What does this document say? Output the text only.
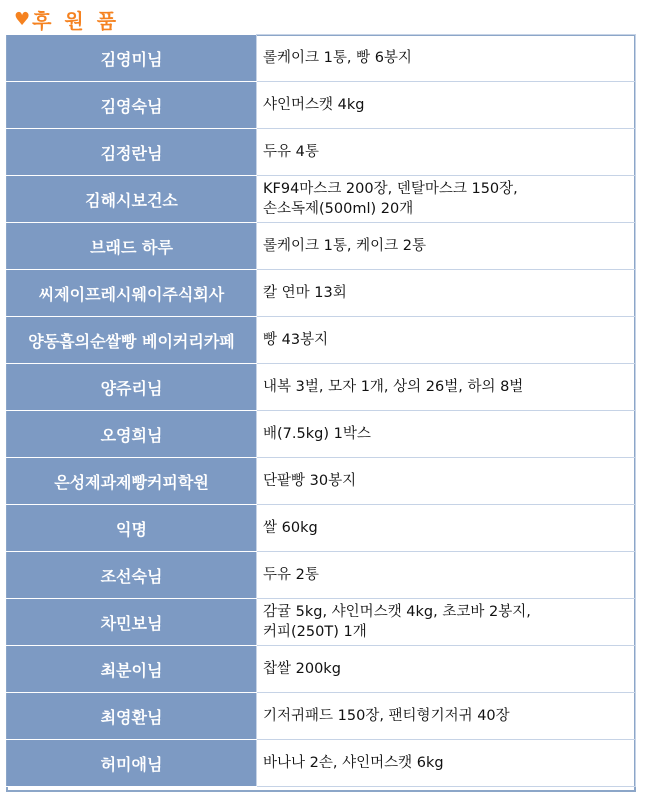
♥ 후 원 품
김영미님	롤케이크 1통, 빵 6봉지

김영숙님	샤인머스캣 4kg

김정란님	두유 4통

김해시보건소	KF94마스크 200장, 덴탈마스크 150장,
손소독제(500ml) 20개

브래드 하루	롤케이크 1통, 케이크 2통

씨제이프레시웨이주식회사	칼 연마 13회

양동흡의순쌀빵 베이커리카페	빵 43봉지

양쥬리님	내복 3벌, 모자 1개, 상의 26벌, 하의 8벌

오영희님	배(7.5kg) 1박스

은성제과제빵커피학원	단팥빵 30봉지

익명	쌀 60kg

조선숙님	두유 2통

차민보님	감귤 5kg, 샤인머스캣 4kg, 초코바 2봉지,
커피(250T) 1개

최분이님	찹쌀 200kg

최영환님	기저귀패드 150장, 팬티형기저귀 40장

허미애님	바나나 2손, 샤인머스캣 6kg
